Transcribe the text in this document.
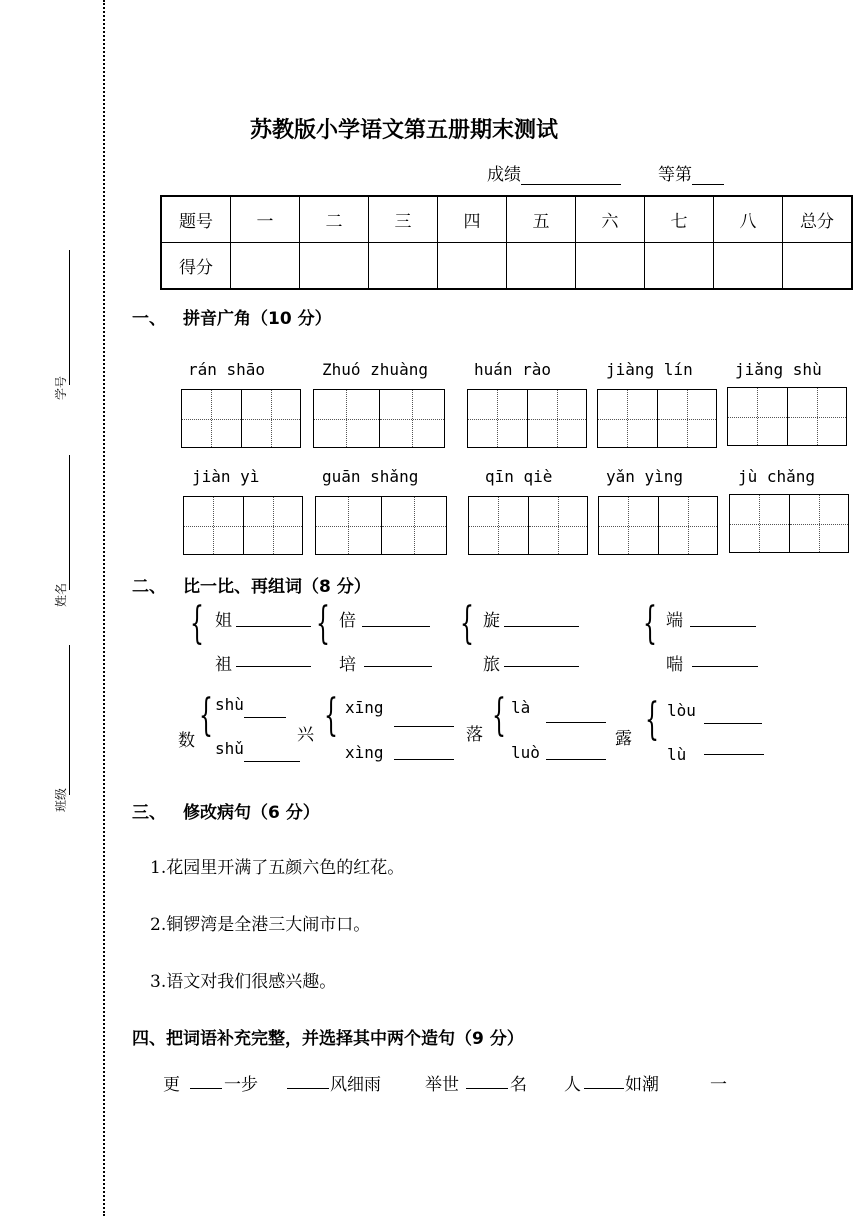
学号
姓名
班级
苏教版小学语文第五册期末测试
成绩	等第
题号	一	二	三	四	五	六	七	八	总分
得分									
一、 拼音广角（10 分）
rán shāo	Zhuó zhuàng	huán rào	jiàng lín	jiǎng shù
jiàn yì	guān shǎng	qīn qiè	yǎn yìng	jù chǎng
二、 比一比、再组词（8 分）
{ 姐
祖
{ 倍
培
{ 旋
旅
{ 端
喘
数 { shù
shǔ
兴 { xīng
xìng
落 { là
luò
露 { lòu
lù
三、 修改病句（6 分）
1.花园里开满了五颜六色的红花。
2.铜锣湾是全港三大闹市口。
3.语文对我们很感兴趣。
四、把词语补充完整，并选择其中两个造句（9 分）
更	一步	风细雨	举世	名 人	如潮	一
